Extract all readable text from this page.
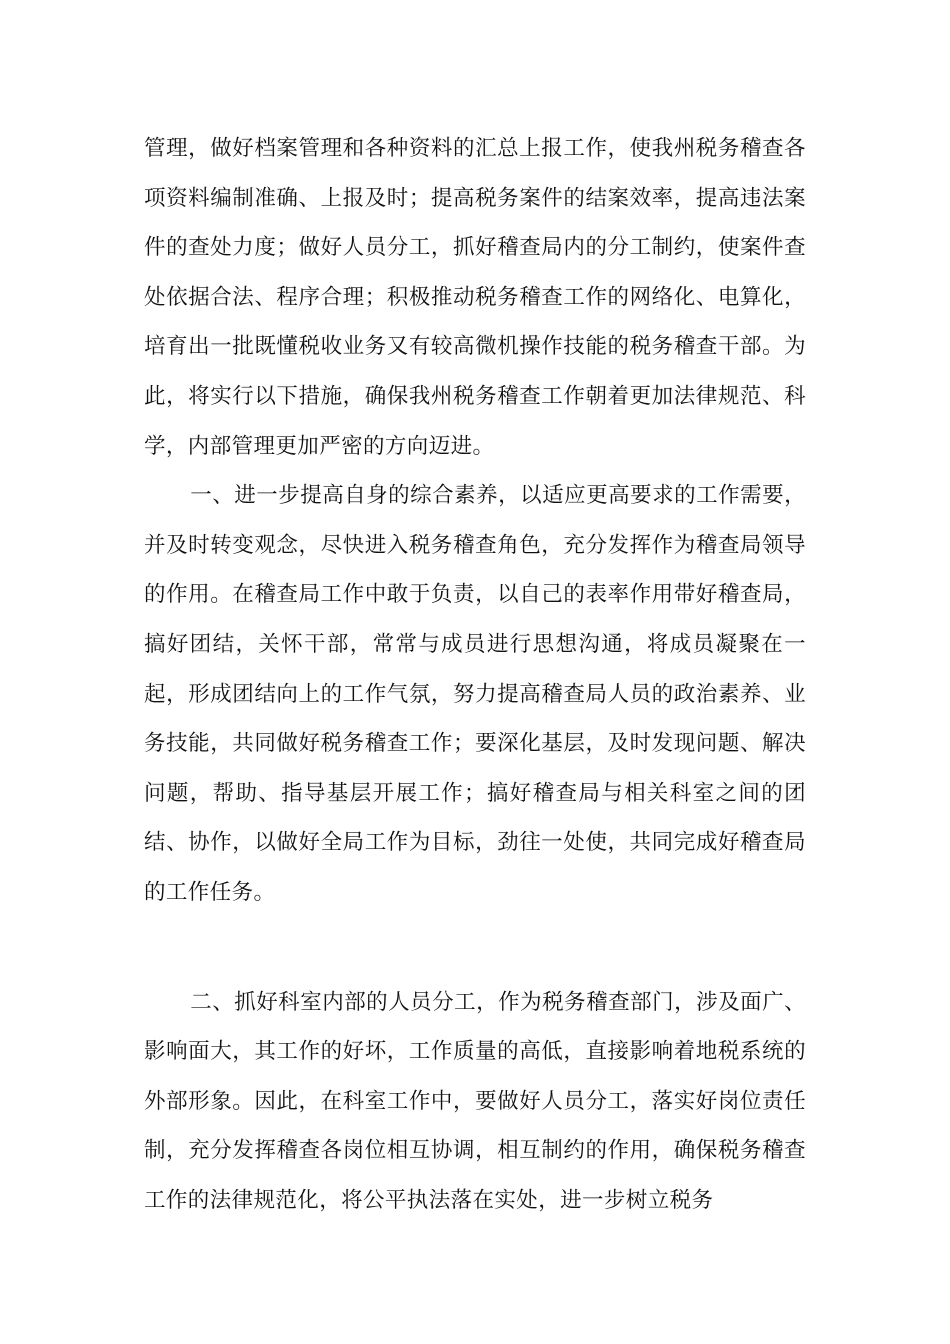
管理，做好档案管理和各种资料的汇总上报工作，使我州税务稽查各项资料编制准确、上报及时；提高税务案件的结案效率，提高违法案件的查处力度；做好人员分工，抓好稽查局内的分工制约，使案件查处依据合法、程序合理；积极推动税务稽查工作的网络化、电算化，培育出一批既懂税收业务又有较高微机操作技能的税务稽查干部。为此，将实行以下措施，确保我州税务稽查工作朝着更加法律规范、科学，内部管理更加严密的方向迈进。

一、进一步提高自身的综合素养，以适应更高要求的工作需要，并及时转变观念，尽快进入税务稽查角色，充分发挥作为稽查局领导的作用。在稽查局工作中敢于负责，以自己的表率作用带好稽查局，搞好团结，关怀干部，常常与成员进行思想沟通，将成员凝聚在一起，形成团结向上的工作气氛，努力提高稽查局人员的政治素养、业务技能，共同做好税务稽查工作；要深化基层，及时发现问题、解决问题，帮助、指导基层开展工作；搞好稽查局与相关科室之间的团结、协作，以做好全局工作为目标，劲往一处使，共同完成好稽查局的工作任务。

二、抓好科室内部的人员分工，作为税务稽查部门，涉及面广、影响面大，其工作的好坏，工作质量的高低，直接影响着地税系统的外部形象。因此，在科室工作中，要做好人员分工，落实好岗位责任制，充分发挥稽查各岗位相互协调，相互制约的作用，确保税务稽查工作的法律规范化，将公平执法落在实处，进一步树立税务
